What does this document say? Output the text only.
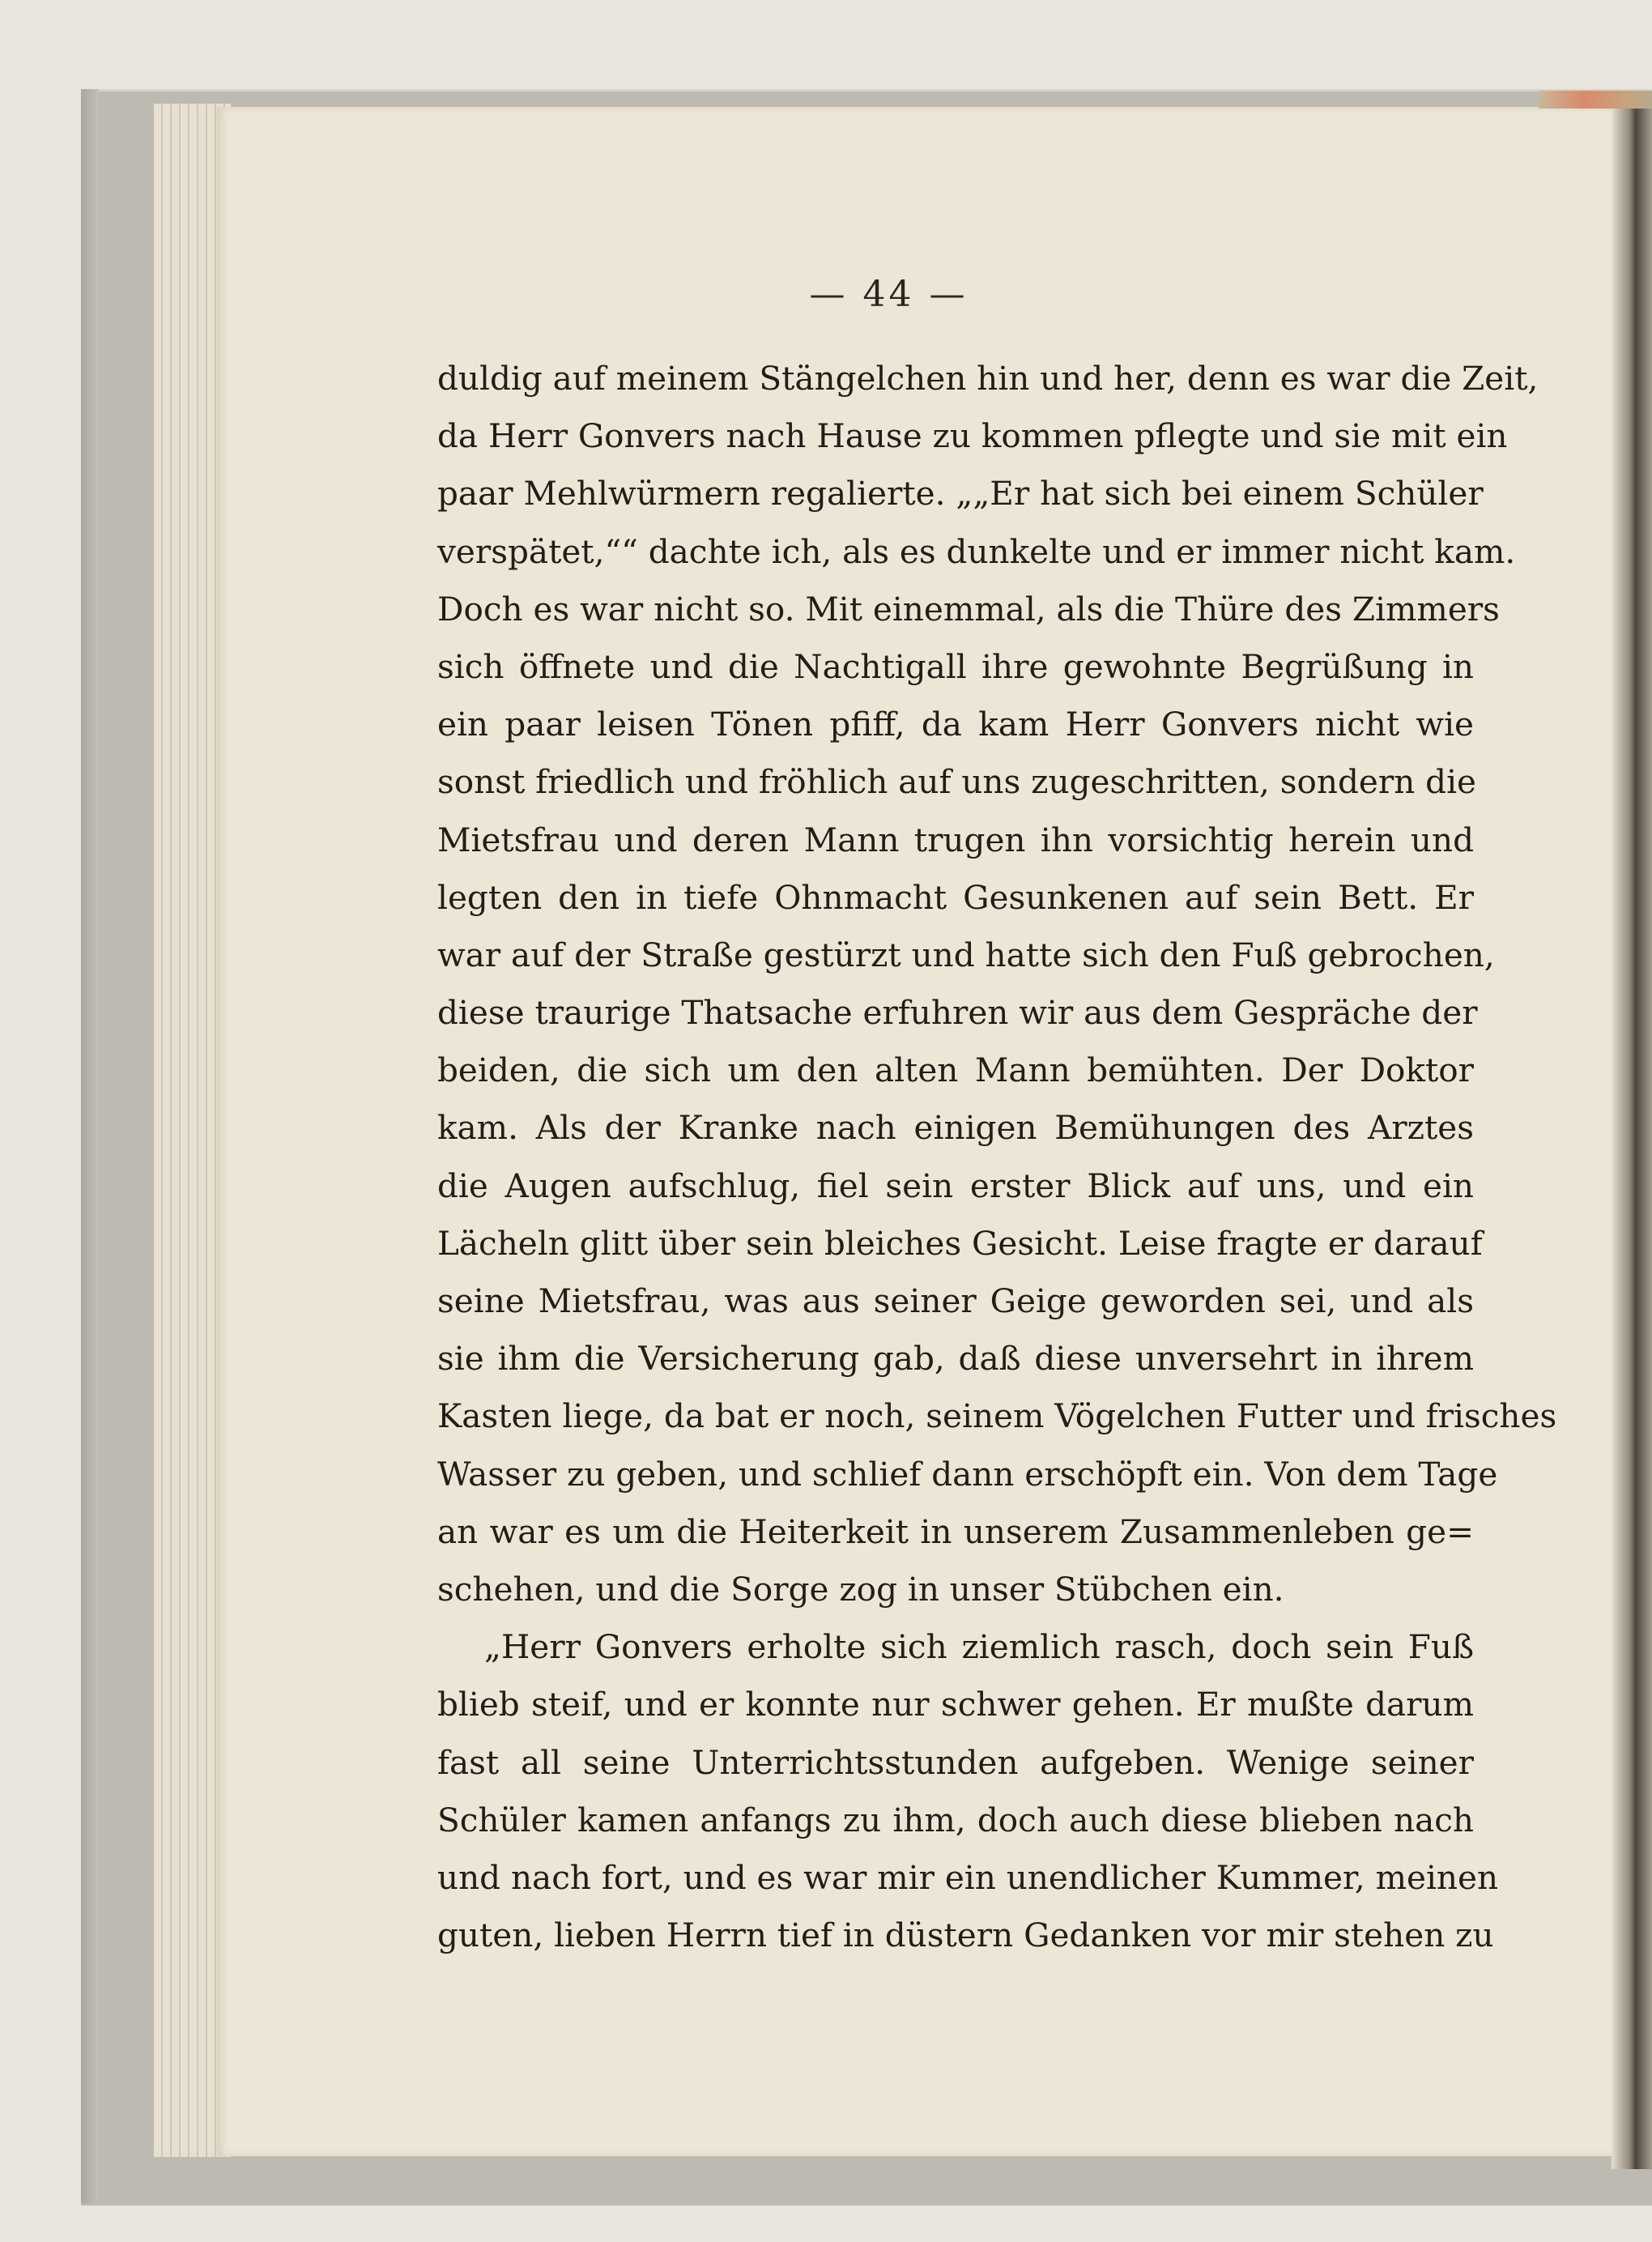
— 44 —
duldig auf meinem Stängelchen hin und her, denn es war die Zeit,
da Herr Gonvers nach Hause zu kommen pflegte und sie mit ein
paar Mehlwürmern regalierte. „„Er hat sich bei einem Schüler
verspätet,““ dachte ich, als es dunkelte und er immer nicht kam.
Doch es war nicht so. Mit einemmal, als die Thüre des Zimmers
sich öffnete und die Nachtigall ihre gewohnte Begrüßung in
ein paar leisen Tönen pfiff, da kam Herr Gonvers nicht wie
sonst friedlich und fröhlich auf uns zugeschritten, sondern die
Mietsfrau und deren Mann trugen ihn vorsichtig herein und
legten den in tiefe Ohnmacht Gesunkenen auf sein Bett. Er
war auf der Straße gestürzt und hatte sich den Fuß gebrochen,
diese traurige Thatsache erfuhren wir aus dem Gespräche der
beiden, die sich um den alten Mann bemühten. Der Doktor
kam. Als der Kranke nach einigen Bemühungen des Arztes
die Augen aufschlug, fiel sein erster Blick auf uns, und ein
Lächeln glitt über sein bleiches Gesicht. Leise fragte er darauf
seine Mietsfrau, was aus seiner Geige geworden sei, und als
sie ihm die Versicherung gab, daß diese unversehrt in ihrem
Kasten liege, da bat er noch, seinem Vögelchen Futter und frisches
Wasser zu geben, und schlief dann erschöpft ein. Von dem Tage
an war es um die Heiterkeit in unserem Zusammenleben ge=
schehen, und die Sorge zog in unser Stübchen ein.
„Herr Gonvers erholte sich ziemlich rasch, doch sein Fuß
blieb steif, und er konnte nur schwer gehen. Er mußte darum
fast all seine Unterrichtsstunden aufgeben. Wenige seiner
Schüler kamen anfangs zu ihm, doch auch diese blieben nach
und nach fort, und es war mir ein unendlicher Kummer, meinen
guten, lieben Herrn tief in düstern Gedanken vor mir stehen zu
